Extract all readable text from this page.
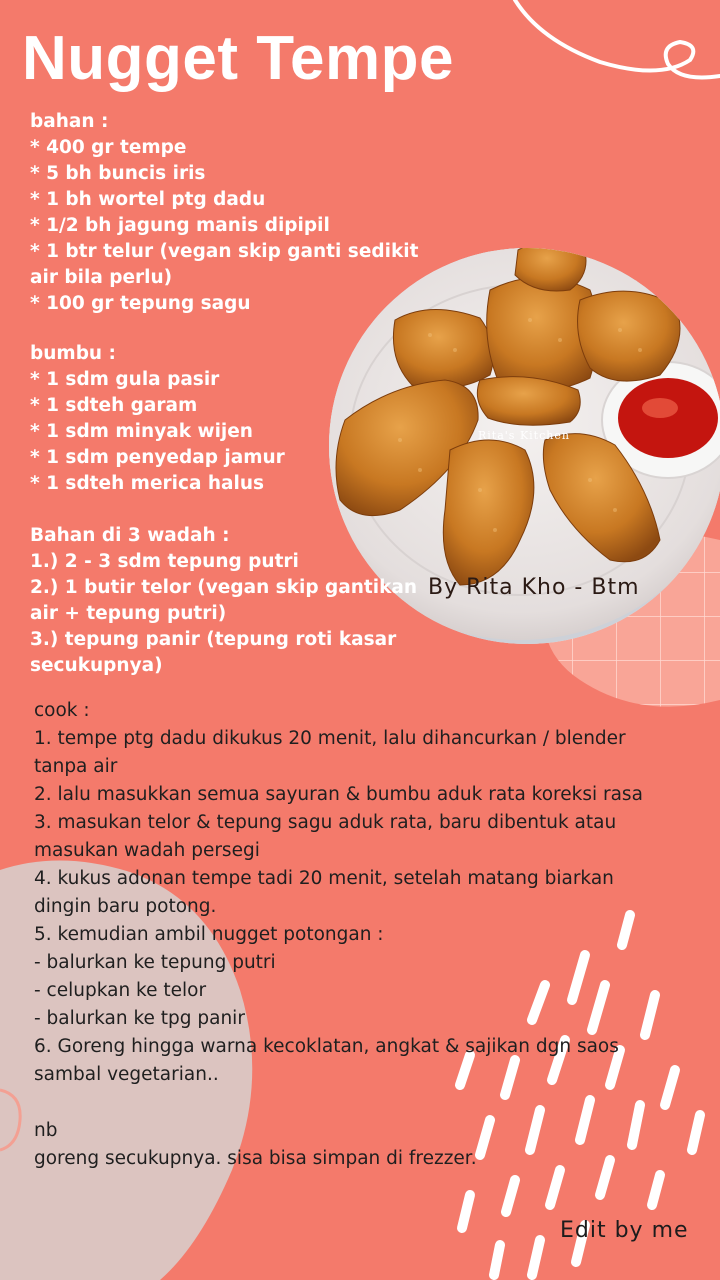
Nugget Tempe
bahan :
* 400 gr tempe
* 5 bh buncis iris
* 1 bh wortel ptg dadu
* 1/2 bh jagung manis dipipil
* 1 btr telur (vegan skip ganti sedikit
air bila perlu)
* 100 gr tepung sagu
bumbu :
* 1 sdm gula pasir
* 1 sdteh garam
* 1 sdm minyak wijen
* 1 sdm penyedap jamur
* 1 sdteh merica halus
Bahan di 3 wadah :
1.) 2 - 3 sdm tepung putri
2.) 1 butir telor (vegan skip gantikan
air + tepung putri)
3.) tepung panir (tepung roti kasar
secukupnya)
Rita's Kitchen
By Rita Kho - Btm
cook :
1. tempe ptg dadu dikukus 20 menit, lalu dihancurkan / blender
tanpa air
2. lalu masukkan semua sayuran & bumbu aduk rata koreksi rasa
3. masukan telor & tepung sagu aduk rata, baru dibentuk atau
masukan wadah persegi
4. kukus adonan tempe tadi 20 menit, setelah matang biarkan
dingin baru potong.
5. kemudian ambil nugget potongan :
- balurkan ke tepung putri
- celupkan ke telor
- balurkan ke tpg panir
6. Goreng hingga warna kecoklatan, angkat & sajikan dgn saos
sambal vegetarian..

nb
goreng secukupnya. sisa bisa simpan di frezzer.
Edit by me
